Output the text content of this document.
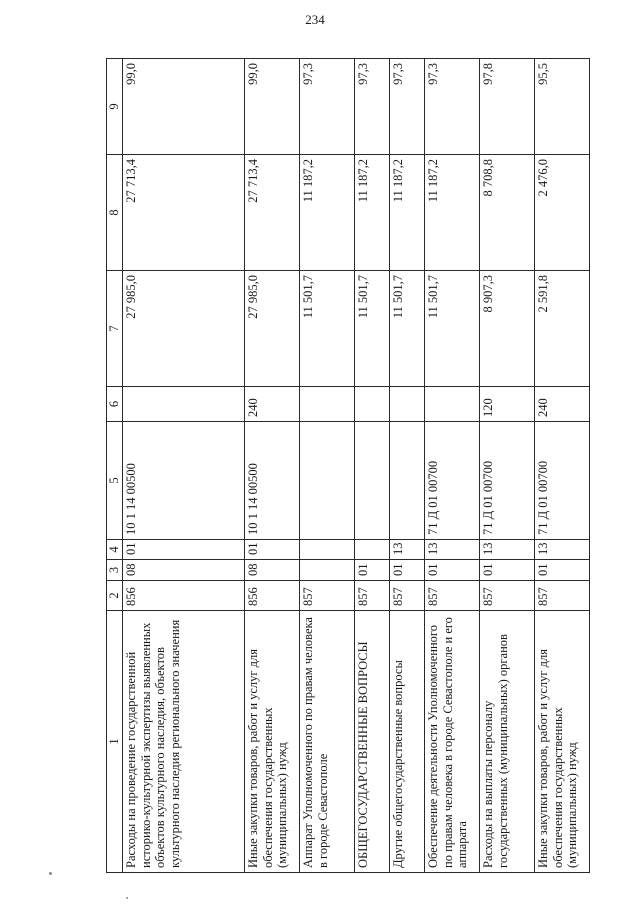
234
1	2	3	4	5	6	7	8	9
Расходы на проведение государственной историко-культурной экспертизы выявленных объектов культурного наследия, объектов культурного наследия регионального значения	856	08	01	10 1 14 00500		27 985,0	27 713,4	99,0
Иные закупки товаров, работ и услуг для обеспечения государственных (муниципальных) нужд	856	08	01	10 1 14 00500	240	27 985,0	27 713,4	99,0
Аппарат Уполномоченного по правам человека в городе Севастополе	857					11 501,7	11 187,2	97,3
ОБЩЕГОСУДАРСТВЕННЫЕ ВОПРОСЫ	857	01				11 501,7	11 187,2	97,3
Другие общегосударственные вопросы	857	01	13			11 501,7	11 187,2	97,3
Обеспечение деятельности Уполномоченного по правам человека в городе Севастополе и его аппарата	857	01	13	71 Д 01 00700		11 501,7	11 187,2	97,3
Расходы на выплаты персоналу государственных (муниципальных) органов	857	01	13	71 Д 01 00700	120	8 907,3	8 708,8	97,8
Иные закупки товаров, работ и услуг для обеспечения государственных (муниципальных) нужд	857	01	13	71 Д 01 00700	240	2 591,8	2 476,0	95,5
